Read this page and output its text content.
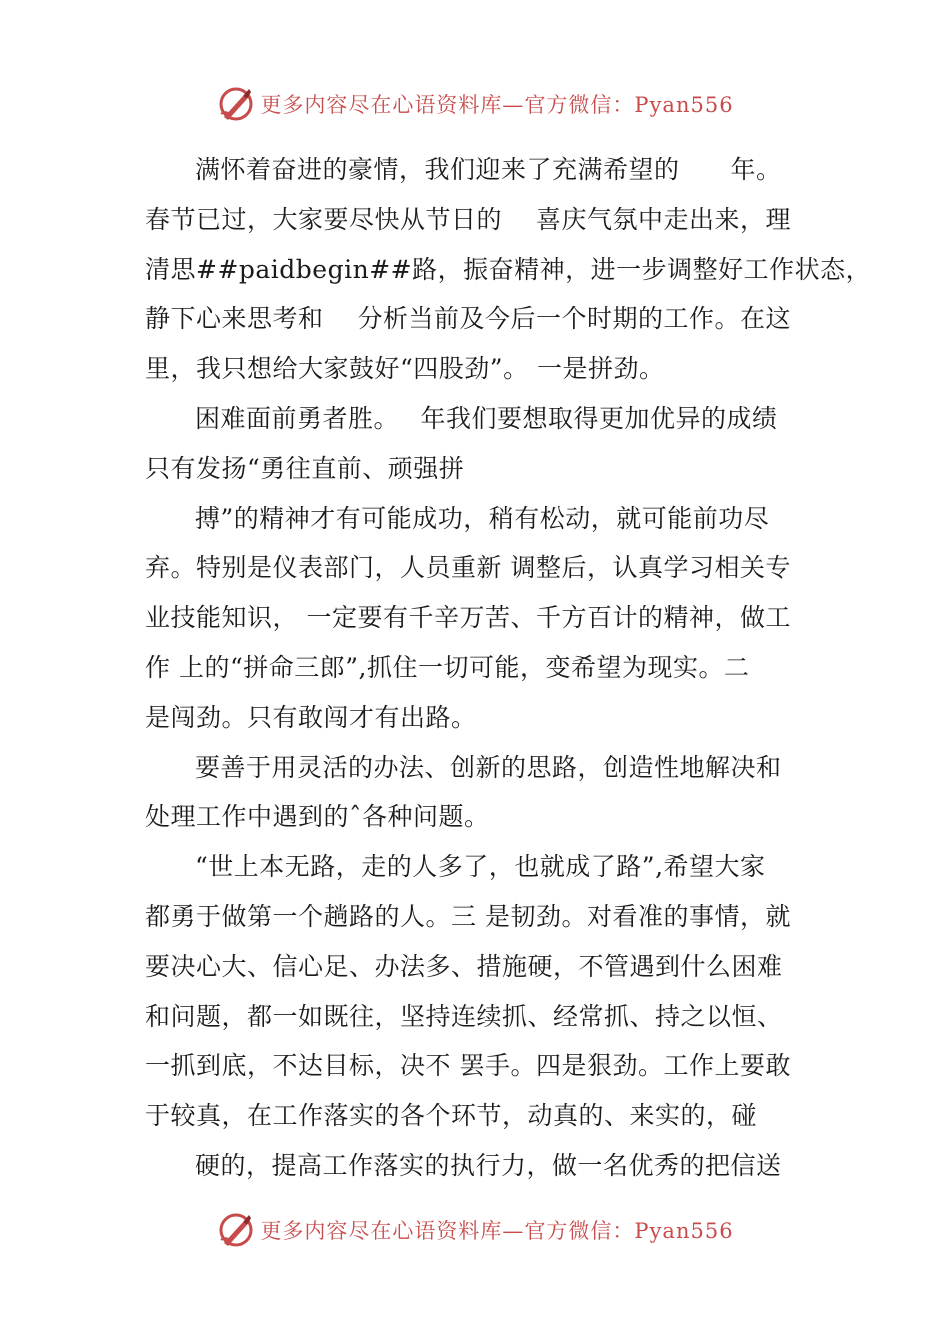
更多内容尽在心语资料库— 官方微信：Pyan556
满怀着奋进的豪情，我们迎来了充满希望的　　年。
春节已过，大家要尽快从节日的　 喜庆气氛中走出来，理
清思##paidbegin##路，振奋精神，进一步调整好工作状态，
静下心来思考和　 分析当前及今后一个时期的工作。在这
里，我只想给大家鼓好“四股劲”。 一是拼劲。
困难面前勇者胜。　 年我们要想取得更加优异的成绩
只有发扬“勇往直前、顽强拼
搏”的精神才有可能成功，稍有松动，就可能前功尽
弃。特别是仪表部门，人员重新 调整后，认真学习相关专
业技能知识， 一定要有千辛万苦、千方百计的精神，做工
作 上的“拼命三郎”,抓住一切可能，变希望为现实。二
是闯劲。只有敢闯才有出路。
要善于用灵活的办法、创新的思路，创造性地解决和
处理工作中遇到的ˆ各种问题。
“世上本无路，走的人多了，也就成了路”,希望大家
都勇于做第一个趟路的人。三 是韧劲。对看准的事情，就
要决心大、信心足、办法多、措施硬，不管遇到什么困难
和问题，都一如既往，坚持连续抓、经常抓、持之以恒、
一抓到底，不达目标，决不 罢手。四是狠劲。工作上要敢
于较真，在工作落实的各个环节，动真的、来实的，碰
硬的，提高工作落实的执行力，做一名优秀的把信送
更多内容尽在心语资料库— 官方微信：Pyan556
